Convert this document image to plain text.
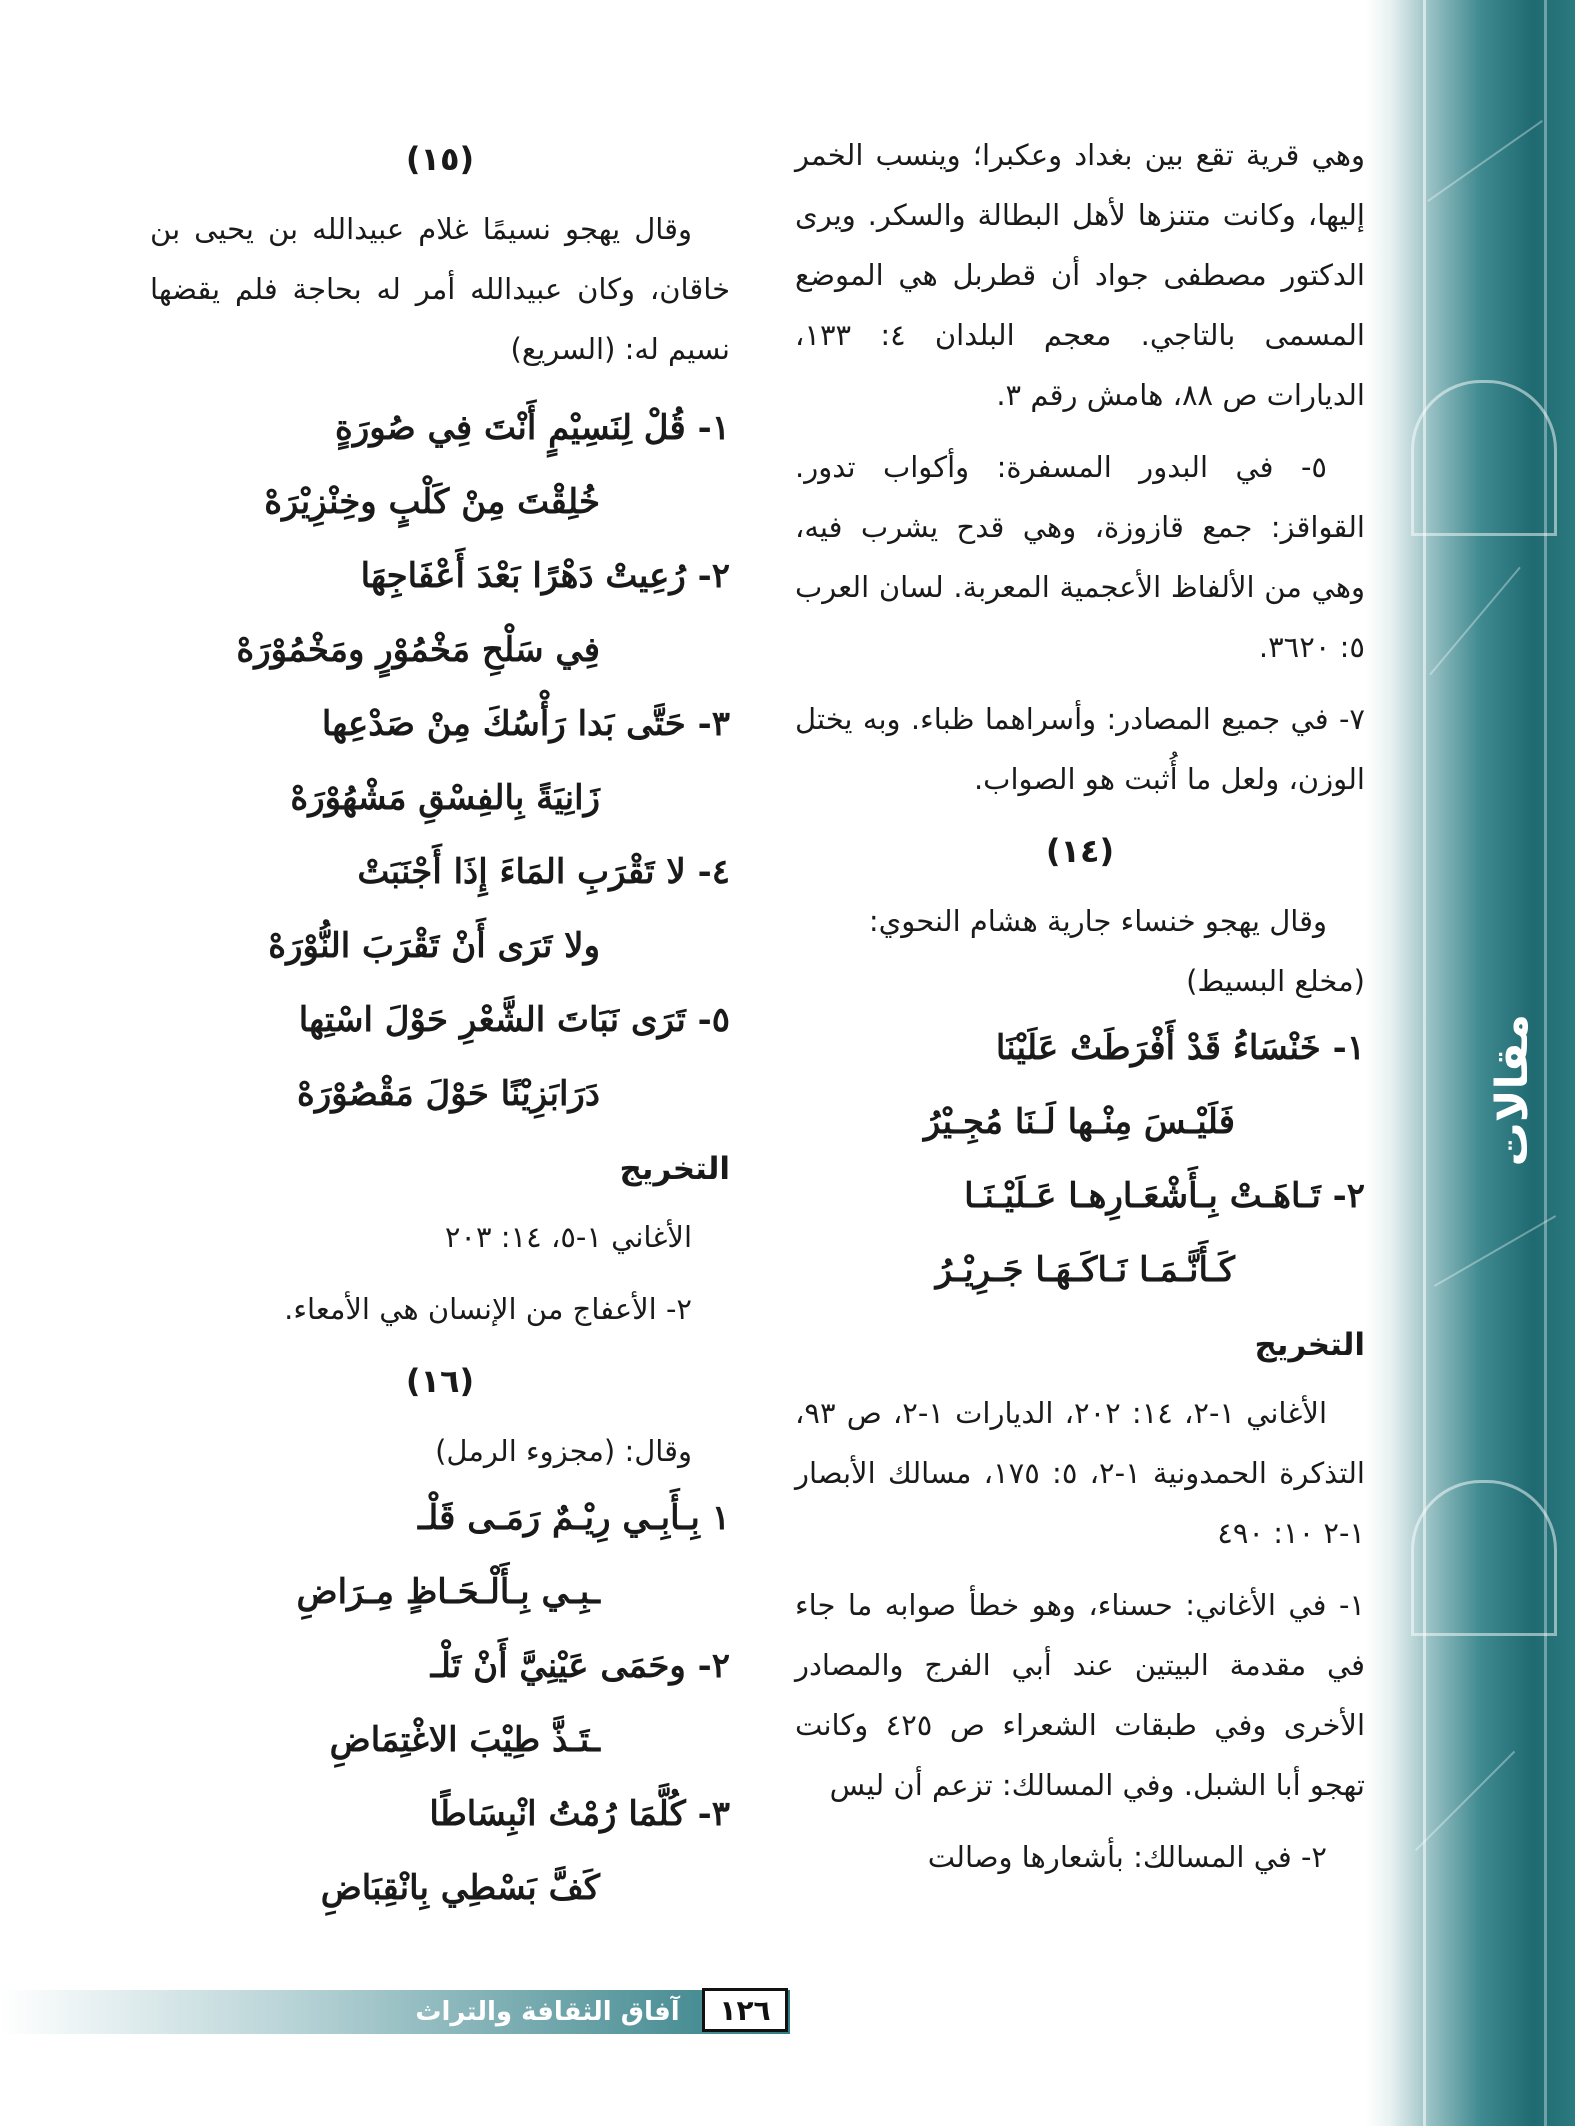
مقالات

وهي قرية تقع بين بغداد وعكبرا؛ وينسب الخمر إليها، وكانت متنزها لأهل البطالة والسكر. ويرى الدكتور مصطفى جواد أن قطربل هي الموضع المسمى بالتاجي. معجم البلدان ٤: ١٣٣، الديارات ص ٨٨، هامش رقم ٣.

٥- في البدور المسفرة: وأكواب تدور. القواقز: جمع قازوزة، وهي قدح يشرب فيه، وهي من الألفاظ الأعجمية المعربة. لسان العرب ٥: ٣٦٢٠.

٧- في جميع المصادر: وأسراهما ظباء. وبه يختل الوزن، ولعل ما أُثبت هو الصواب.

(١٤)
وقال يهجو خنساء جارية هشام النحوي:
(مخلع البسيط)
١- خَنْسَاءُ قَدْ أَفْرَطَتْ عَلَيْنَا
فَلَيْـسَ مِنْـها لَـنَا مُجِـيْرُ
٢- تَـاهَـتْ بِـأَشْعَـارِهـا عَـلَيْـنَـا
كَـأَنَّـمَـا نَـاكَـهَـا جَـرِيْـرُ
التخريج

الأغاني ١-٢، ١٤: ٢٠٢، الديارات ١-٢، ص ٩٣، التذكرة الحمدونية ١-٢، ٥: ١٧٥، مسالك الأبصار ١-٢ ١٠: ٤٩٠

١- في الأغاني: حسناء، وهو خطأ صوابه ما جاء في مقدمة البيتين عند أبي الفرج والمصادر الأخرى وفي طبقات الشعراء ص ٤٢٥ وكانت تهجو أبا الشبل. وفي المسالك: تزعم أن ليس

٢- في المسالك: بأشعارها وصالت

(١٥)

وقال يهجو نسيمًا غلام عبيدالله بن يحيى بن خاقان، وكان عبيدالله أمر له بحاجة فلم يقضها نسيم له: (السريع)

١- قُلْ لِنَسِيْمٍ أَنْتَ فِي صُورَةٍ
خُلِقْتَ مِنْ كَلْبٍ وخِنْزِيْرَهْ
٢- رُعِيتْ دَهْرًا بَعْدَ أَعْفَاجِهَا
فِي سَلْحِ مَخْمُوْرٍ ومَخْمُوْرَهْ
٣- حَتَّى بَدا رَأْسُكَ مِنْ صَدْعِها
زَانِيَةً بِالفِسْقِ مَشْهُوْرَهْ
٤- لا تَقْرَبِ المَاءَ إِذَا أَجْنَبَتْ
ولا تَرَى أَنْ تَقْرَبَ النُّوْرَهْ
٥- تَرَى نَبَاتَ الشَّعْرِ حَوْلَ اسْتِها
دَرَابَزِيْنًا حَوْلَ مَقْصُوْرَهْ
التخريج

الأغاني ١-٥، ١٤: ٢٠٣

٢- الأعفاج من الإنسان هي الأمعاء.

(١٦)
وقال: (مجزوء الرمل)
١ بِـأَبِـي رِيْـمٌ رَمَـى قَلْـ
ـبِـي بِـأَلْـحَـاظٍ مِـرَاضِ
٢- وحَمَى عَيْنِيَّ أَنْ تَلْـ
ـتَـذَّ طِيْبَ الاغْتِمَاضِ
٣- كُلَّمَا رُمْتُ انْبِسَاطًا
كَفَّ بَسْطِي بِانْقِبَاضِ
آفاق الثقافة والتراث	١٢٦
